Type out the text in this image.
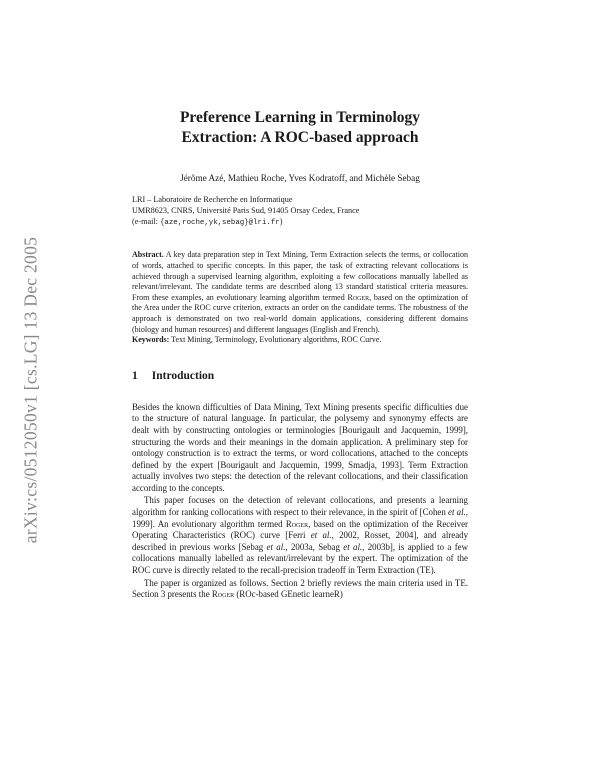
arXiv:cs/0512050v1 [cs.LG] 13 Dec 2005
Preference Learning in Terminology
Extraction: A ROC-based approach
Jérôme Azé, Mathieu Roche, Yves Kodratoff, and Michèle Sebag
LRI – Laboratoire de Recherche en Informatique
UMR8623, CNRS, Université Paris Sud, 91405 Orsay Cedex, France
(e-mail: {aze,roche,yk,sebag}@lri.fr)
Abstract. A key data preparation step in Text Mining, Term Extraction selects the terms, or collocation of words, attached to specific concepts. In this paper, the task of extracting relevant collocations is achieved through a supervised learning algorithm, exploiting a few collocations manually labelled as relevant/irrelevant. The candidate terms are described along 13 standard statistical criteria measures. From these examples, an evolutionary learning algorithm termed Roger, based on the optimization of the Area under the ROC curve criterion, extracts an order on the candidate terms. The robustness of the approach is demonstrated on two real-world domain applications, considering different domains (biology and human resources) and different languages (English and French).
Keywords: Text Mining, Terminology, Evolutionary algorithms, ROC Curve.
1 Introduction

Besides the known difficulties of Data Mining, Text Mining presents specific difficulties due to the structure of natural language. In particular, the polysemy and synonymy effects are dealt with by constructing ontologies or terminologies [Bourigault and Jacquemin, 1999], structuring the words and their meanings in the domain application. A preliminary step for ontology construction is to extract the terms, or word collocations, attached to the concepts defined by the expert [Bourigault and Jacquemin, 1999, Smadja, 1993]. Term Extraction actually involves two steps: the detection of the relevant collocations, and their classification according to the concepts.

This paper focuses on the detection of relevant collocations, and presents a learning algorithm for ranking collocations with respect to their relevance, in the spirit of [Cohen et al., 1999]. An evolutionary algorithm termed Roger, based on the optimization of the Receiver Operating Characteristics (ROC) curve [Ferri et al., 2002, Rosset, 2004], and already described in previous works [Sebag et al., 2003a, Sebag et al., 2003b], is applied to a few collocations manually labelled as relevant/irrelevant by the expert. The optimization of the ROC curve is directly related to the recall-precision tradeoff in Term Extraction (TE).

The paper is organized as follows. Section 2 briefly reviews the main criteria used in TE. Section 3 presents the Roger (ROc-based GEnetic learneR)
